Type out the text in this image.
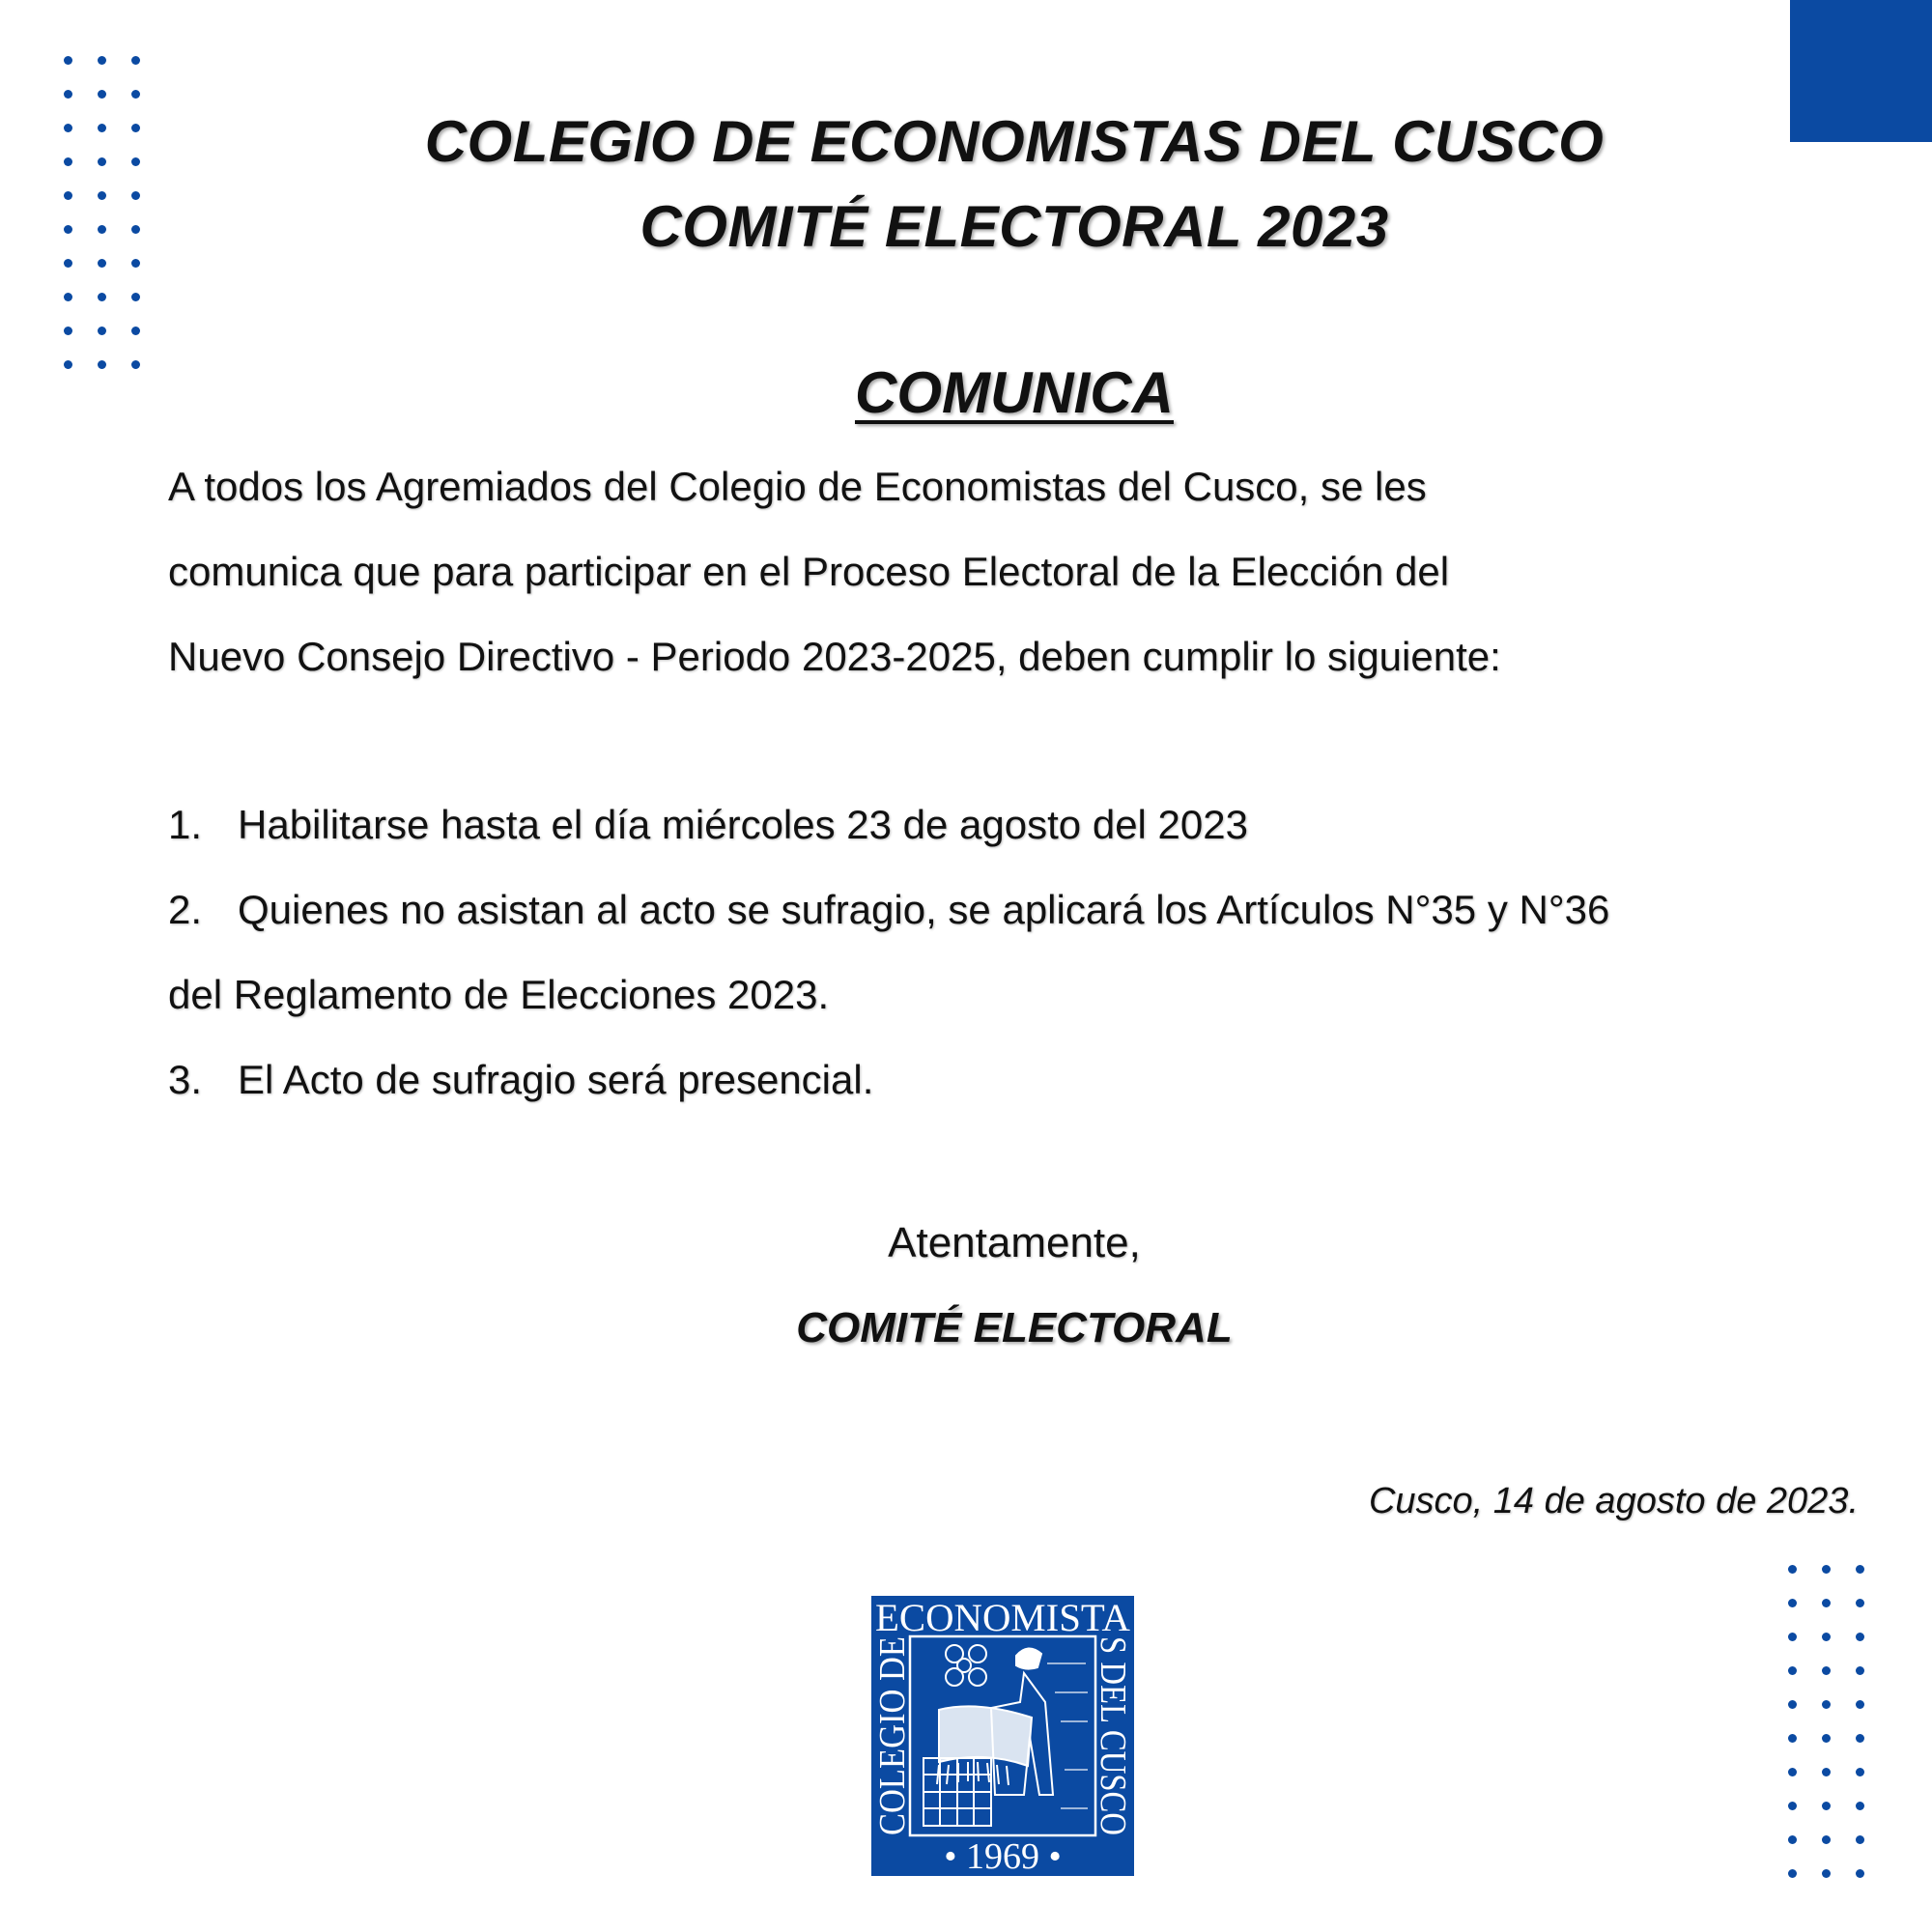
COLEGIO DE ECONOMISTAS DEL CUSCO
COMITÉ ELECTORAL 2023
COMUNICA
A todos los Agremiados del Colegio de Economistas del Cusco, se les
comunica que para participar en el Proceso Electoral de la Elección del
Nuevo Consejo Directivo - Periodo 2023-2025, deben cumplir lo siguiente:
1. Habilitarse hasta el día miércoles 23 de agosto del 2023
2. Quienes no asistan al acto se sufragio, se aplicará los Artículos N°35 y N°36
del Reglamento de Elecciones 2023.
3. El Acto de sufragio será presencial.
Atentamente,
COMITÉ ELECTORAL
Cusco, 14 de agosto de 2023.
ECONOMISTA
COLEGIO DE	S DEL CUSCO
• 1969 •
